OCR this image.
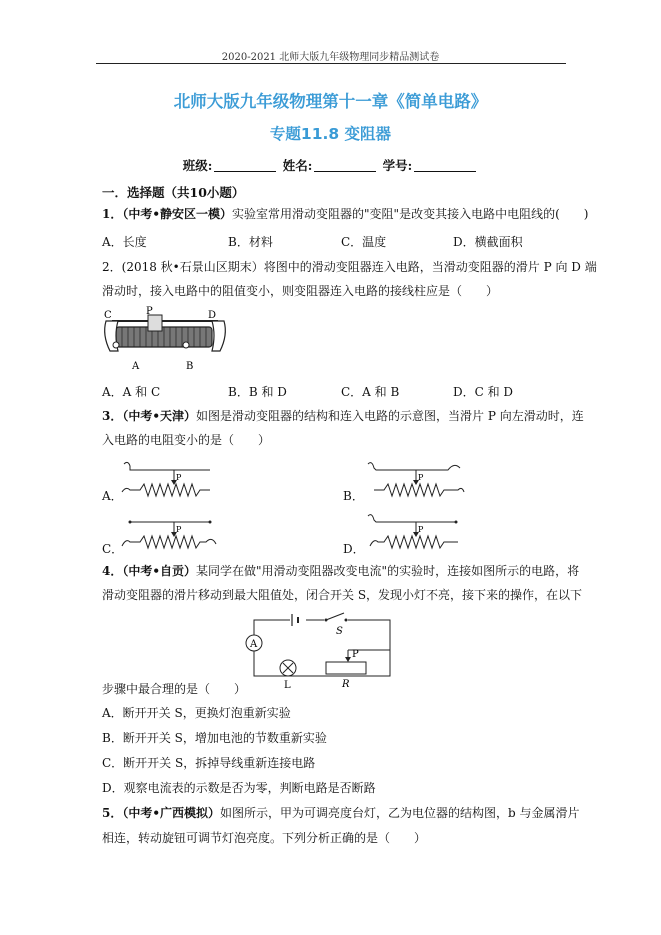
2020-2021 北师大版九年级物理同步精品测试卷
北师大版九年级物理第十一章《简单电路》
专题11.8 变阻器
班级:	姓名:	学号:
一．选择题（共10小题）
1．（中考•静安区一模）实验室常用滑动变阻器的"变阻"是改变其接入电路中电阻线的(　　)
A．长度	B．材料	C．温度	D．横截面积
2．(2018 秋•石景山区期末）将图中的滑动变阻器连入电路，当滑动变阻器的滑片 P 向 D 端
滑动时，接入电路中的阻值变小，则变阻器连入电路的接线柱应是（　　）
C	P	D
A	B
A．A 和 C	B．B 和 D	C．A 和 B	D．C 和 D
3．（中考•天津）如图是滑动变阻器的结构和连入电路的示意图，当滑片 P 向左滑动时，连
入电路的电阻变小的是（　　）
A．
P
B．
P
C．
P
D．
P
4．（中考•自贡）某同学在做"用滑动变阻器改变电流"的实验时，连接如图所示的电路，将
滑动变阻器的滑片移动到最大阻值处，闭合开关 S，发现小灯不亮，接下来的操作，在以下
S
A
L
P
R
步骤中最合理的是（　　）
A．断开开关 S，更换灯泡重新实验
B．断开开关 S，增加电池的节数重新实验
C．断开开关 S，拆掉导线重新连接电路
D．观察电流表的示数是否为零，判断电路是否断路
5．（中考•广西模拟）如图所示，甲为可调亮度台灯，乙为电位器的结构图，b 与金属滑片
相连，转动旋钮可调节灯泡亮度。下列分析正确的是（　　）
